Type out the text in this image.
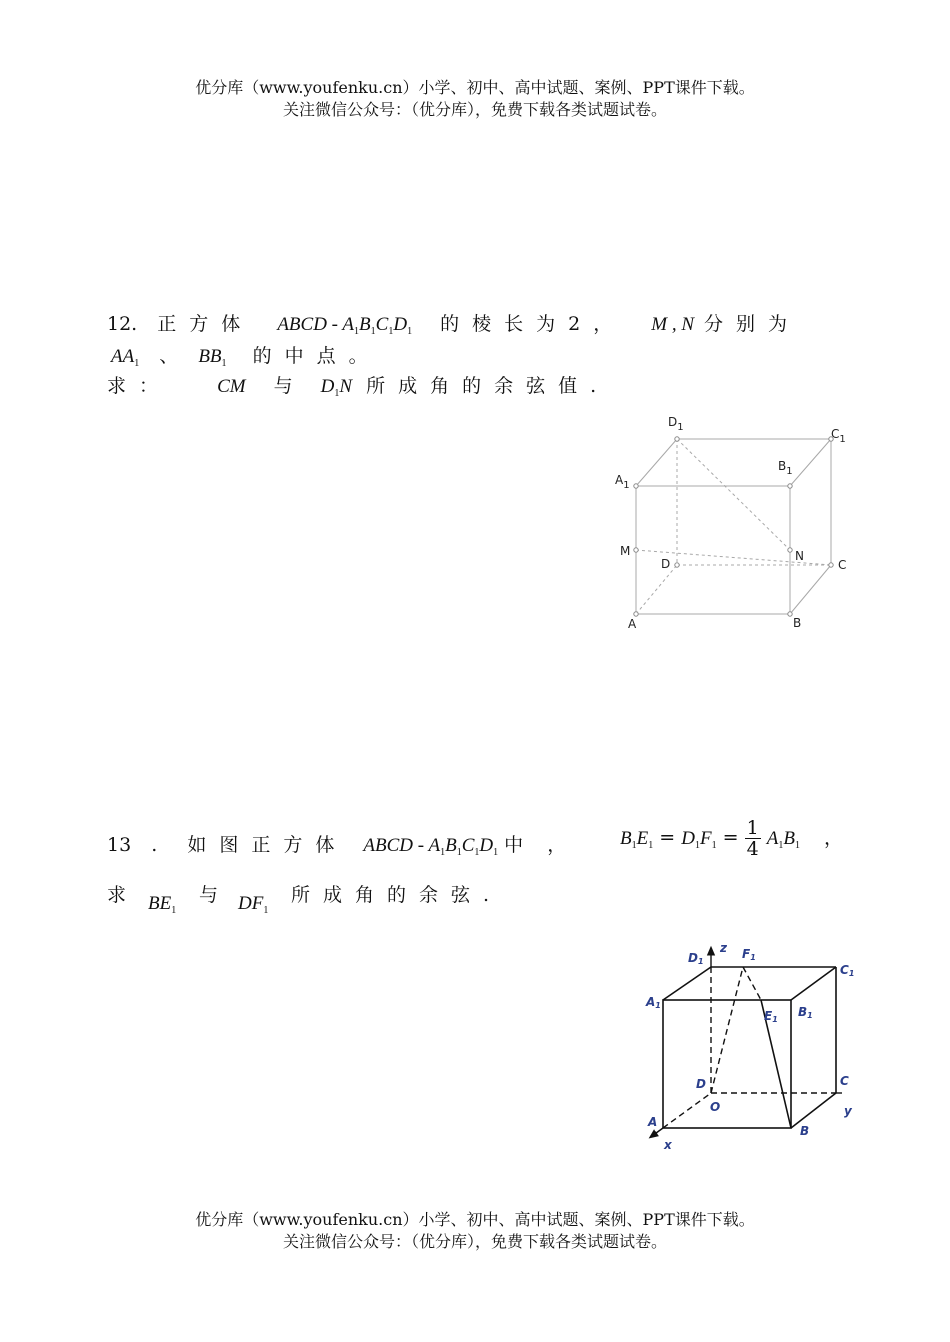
优分库（www.youfenku.cn）小学、初中、高中试题、案例、PPT课件下载。
关注微信公众号：（优分库），免费下载各类试题试卷。
12. 正方体 ABCD - $A_1B_1C_1D_1$ 的棱长为2， M , N 分别为
$AA_1$ 、 $BB_1$ 的中点。
求： CM 与 $D_1N$ 所成角的余弦值.
$D_1$	$C_1$
$A_1$
$B_1$
M	N
D	C
A	B
13 . 如图正方体 ABCD - $A_1B_1C_1D_1$ 中 ，	$B_1E_1 = D_1F_1 = \frac{1}{4} A_1B_1$ ，
求 $BE_1$
与 $DF_1$
所成角的余弦.
D1
z F1
C1
A1
E1
B1
D
O
C
y
A
B
x
优分库（www.youfenku.cn）小学、初中、高中试题、案例、PPT课件下载。
关注微信公众号：（优分库），免费下载各类试题试卷。
